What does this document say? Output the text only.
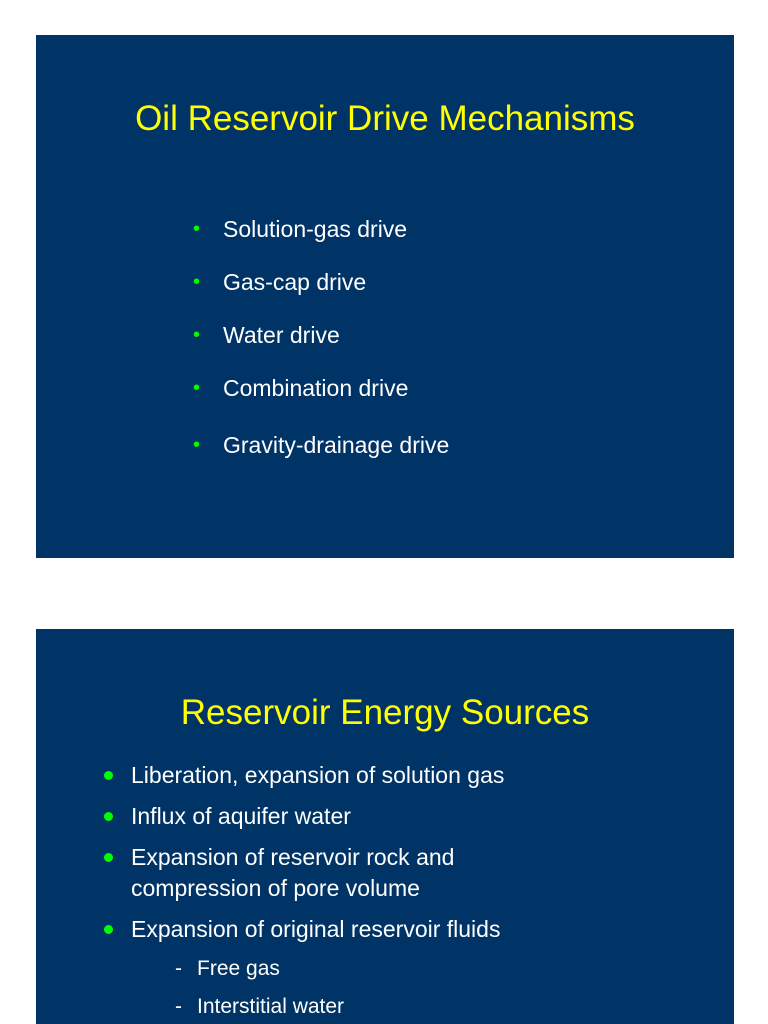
Oil Reservoir Drive Mechanisms
• Solution-gas drive
• Gas-cap drive
• Water drive
• Combination drive
• Gravity-drainage drive
Reservoir Energy Sources
Liberation, expansion of solution gas
Influx of aquifer water
Expansion of reservoir rock and
compression of pore volume
Expansion of original reservoir fluids
- Free gas
- Interstitial water
